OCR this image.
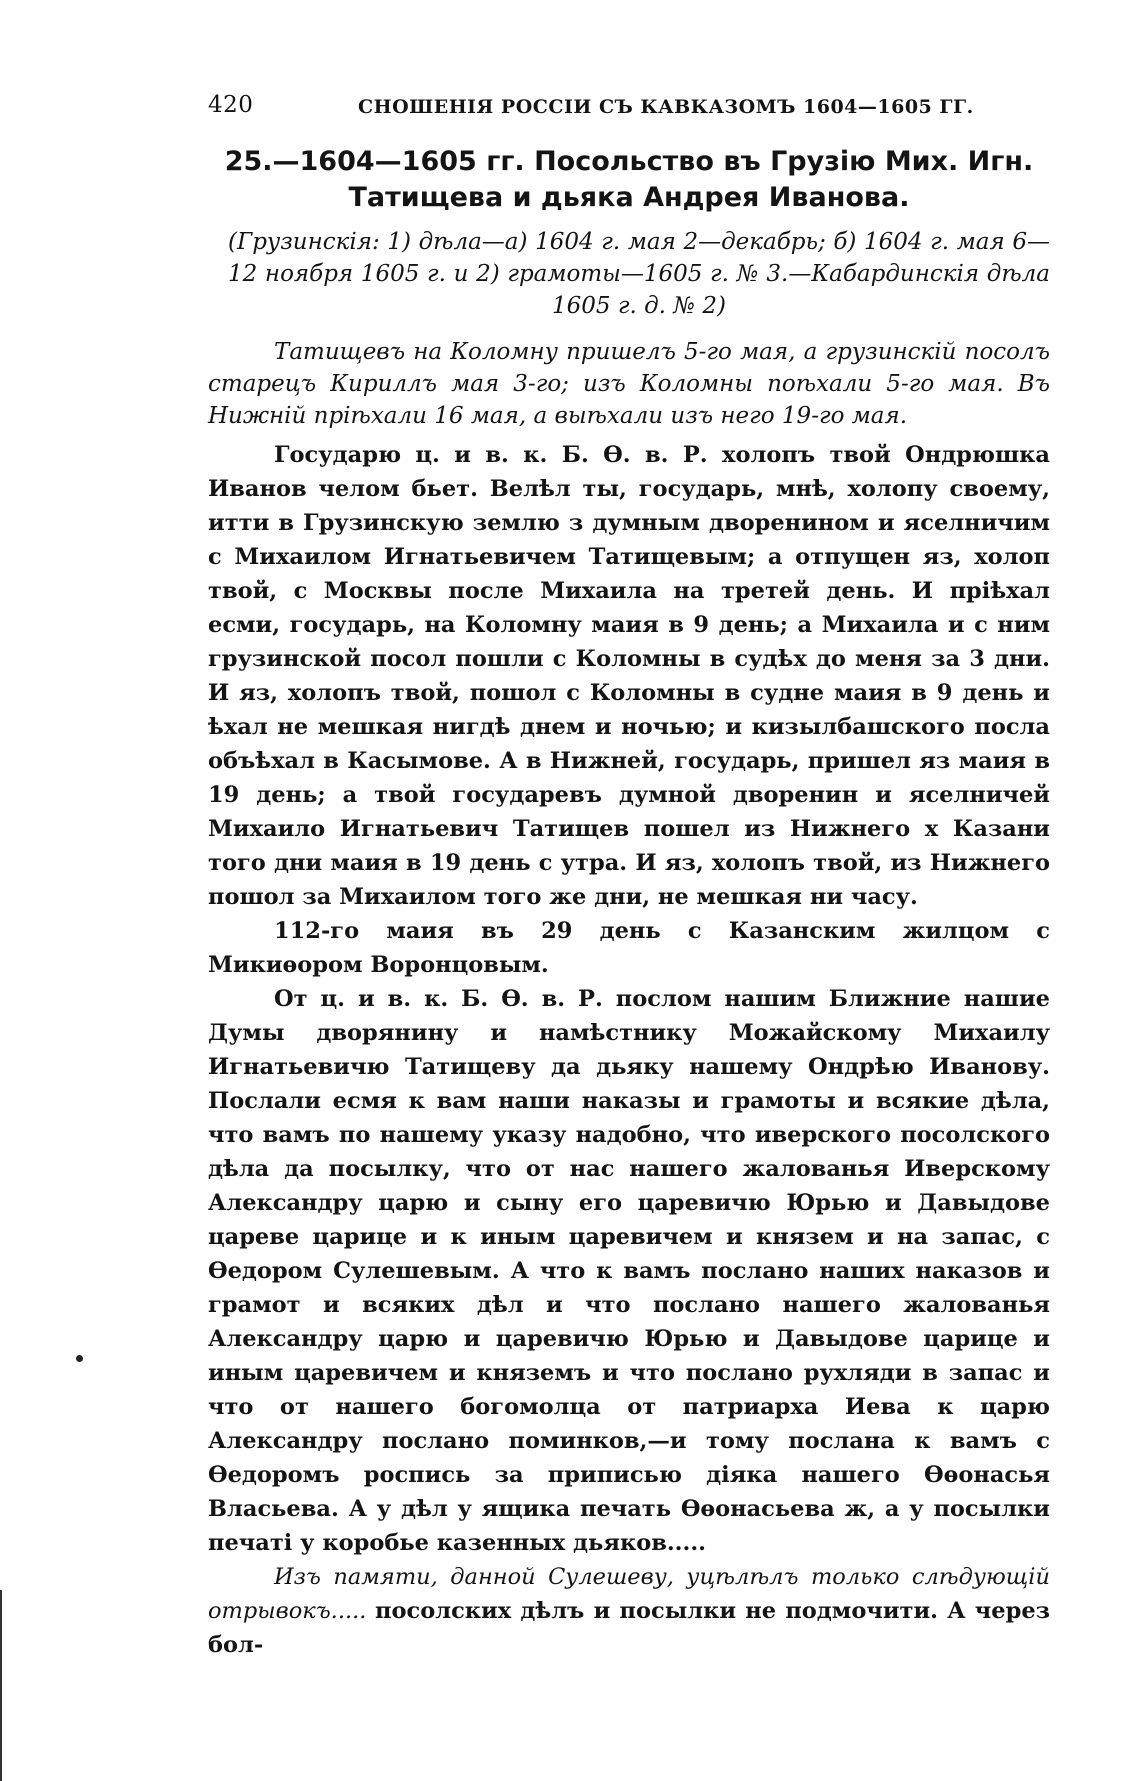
420	СНОШЕНІЯ РОССІИ СЪ КАВКАЗОМЪ 1604—1605 ГГ.
25.—1604—1605 гг. Посольство въ Грузію Мих. Игн. Татищева и дьяка Андрея Иванова.
(Грузинскія: 1) дѣла—а) 1604 г. мая 2—декабрь; б) 1604 г. мая 6—12 ноября 1605 г. и 2) грамоты—1605 г. № 3.—Кабардинскія дѣла 1605 г. д. № 2)
Татищевъ на Коломну пришелъ 5-го мая, а грузинскій посолъ старецъ Кириллъ мая 3-го; изъ Коломны поѣхали 5-го мая. Въ Нижній пріѣхали 16 мая, а выѣхали изъ него 19-го мая.

Государю ц. и в. к. Б. Ѳ. в. Р. холопъ твой Ондрюшка Иванов челом бьет. Велѣл ты, государь, мнѣ, холопу своему, итти в Грузинскую землю з думным дворенином и яселничим с Михаилом Игнатьевичем Татищевым; а отпущен яз, холоп твой, с Москвы после Михаила на третей день. И пріѣхал есми, государь, на Коломну маия в 9 день; а Михаила и с ним грузинской посол пошли с Коломны в судѣх до меня за 3 дни. И яз, холопъ твой, пошол с Коломны в судне маия в 9 день и ѣхал не мешкая нигдѣ днем и ночью; и кизылбашского посла объѣхал в Касымове. А в Нижней, государь, пришел яз маия в 19 день; а твой государевъ думной дворенин и яселничей Михаило Игнатьевич Татищев пошел из Нижнего х Казани того дни маия в 19 день с утра. И яз, холопъ твой, из Нижнего пошол за Михаилом того же дни, не мешкая ни часу.

112-го маия въ 29 день с Казанским жилцом с Микиѳором Воронцовым.

От ц. и в. к. Б. Ѳ. в. Р. послом нашим Ближние нашие Думы дворянину и намѣстнику Можайскому Михаилу Игнатьевичю Татищеву да дьяку нашему Ондрѣю Иванову. Послали есмя к вам наши наказы и грамоты и всякие дѣла, что вамъ по нашему указу надобно, что иверского посолского дѣла да посылку, что от нас нашего жалованья Иверскому Александру царю и сыну его царевичю Юрью и Давыдове цареве царице и к иным царевичем и князем и на запас, с Ѳедором Сулешевым. А что к вамъ послано наших наказов и грамот и всяких дѣл и что послано нашего жалованья Александру царю и царевичю Юрью и Давыдове царице и иным царевичем и княземъ и что послано рухляди в запас и что от нашего богомолца от патриарха Иева к царю Александру послано поминков,—и тому послана к вамъ с Ѳедоромъ роспись за приписью діяка нашего Ѳѳонасья Власьева. А у дѣл у ящика печать Ѳѳонасьева ж, а у посылки печаті у коробье казенных дьяков.....

Изъ памяти, данной Сулешеву, уцѣлѣлъ только слѣдующій отрывокъ..... посолских дѣлъ и посылки не подмочити. А через бол-
